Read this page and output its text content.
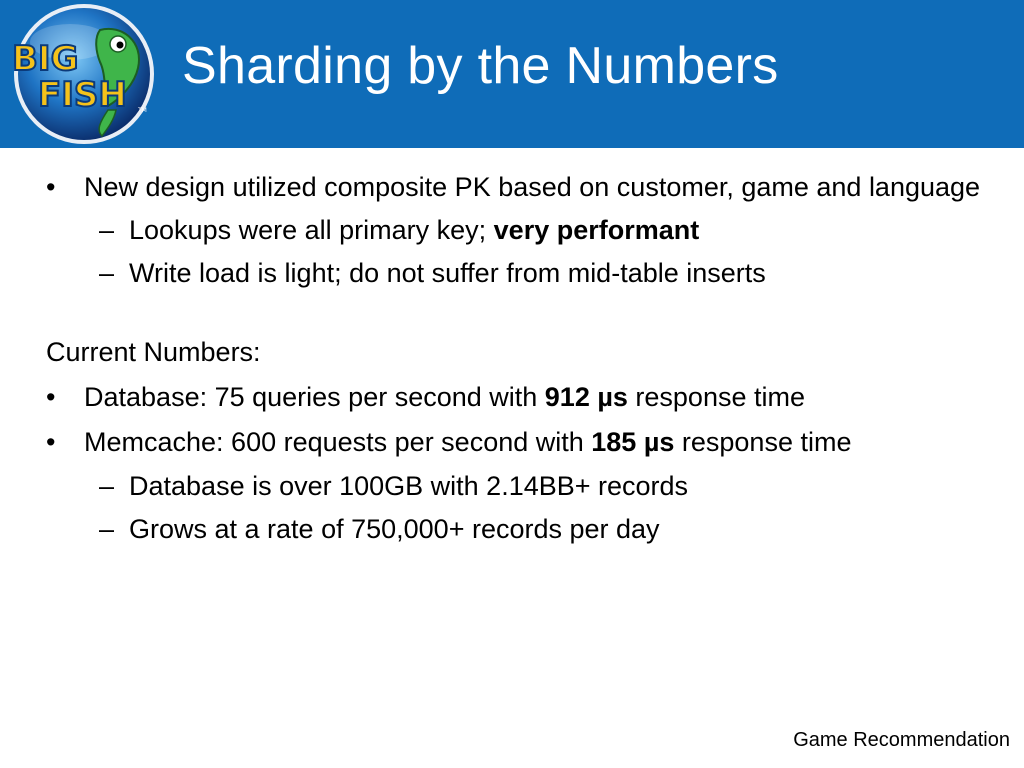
BIG
FISH TM
Sharding by the Numbers
• New design utilized composite PK based on customer, game and language
– Lookups were all primary key; very performant
– Write load is light; do not suffer from mid-table inserts
Current Numbers:
• Database: 75 queries per second with 912 µs response time
• Memcache: 600 requests per second with 185 µs response time
– Database is over 100GB with 2.14BB+ records
– Grows at a rate of 750,000+ records per day
Game Recommendation
